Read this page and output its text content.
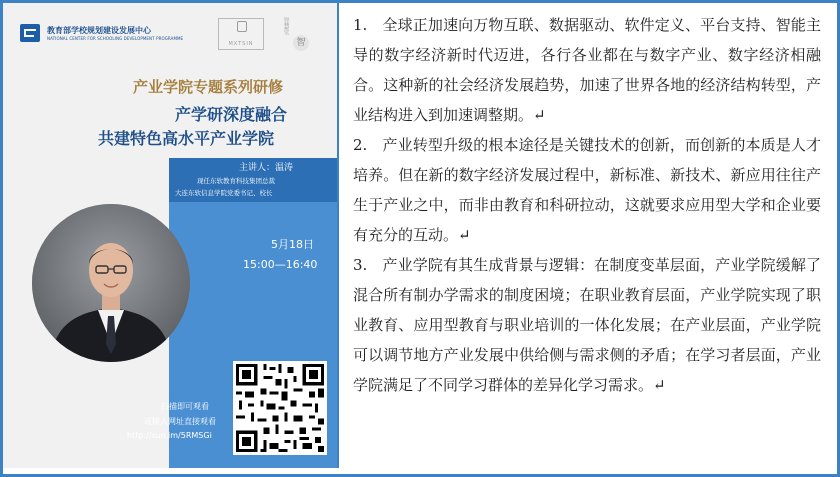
教育部学校规划建设发展中心
NATIONAL CENTER FOR SCHOOLING DEVELOPMENT PROGRAMME
MXTSIN
智慧堂
智
产业学院专题系列研修
产学研深度融合
共建特色高水平产业学院
主讲人：温涛
现任东软教育科技集团总裁
大连东软信息学院党委书记、校长
5月18日
15:00—16:40
扫描即可观看
或输入网址直接观看
http://suo.im/5RMSGi

1.　全球正加速向万物互联、数据驱动、软件定义、平台支持、智能主导的数字经济新时代迈进，各行各业都在与数字产业、数字经济相融合。这种新的社会经济发展趋势，加速了世界各地的经济结构转型，产业结构进入到加速调整期。↵

2.　产业转型升级的根本途径是关键技术的创新，而创新的本质是人才培养。但在新的数字经济发展过程中，新标准、新技术、新应用往往产生于产业之中，而非由教育和科研拉动，这就要求应用型大学和企业要有充分的互动。↵

3.　产业学院有其生成背景与逻辑：在制度变革层面，产业学院缓解了混合所有制办学需求的制度困境；在职业教育层面，产业学院实现了职业教育、应用型教育与职业培训的一体化发展；在产业层面，产业学院可以调节地方产业发展中供给侧与需求侧的矛盾；在学习者层面，产业学院满足了不同学习群体的差异化学习需求。↵
